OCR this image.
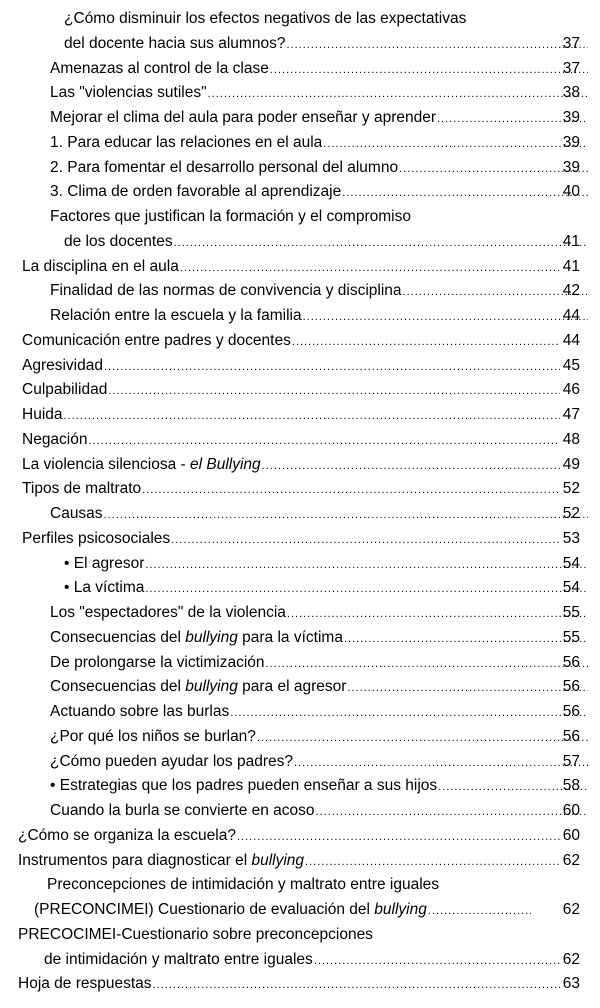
¿Cómo disminuir los efectos negativos de las expectativas
del docente hacia sus alumnos? .....	37
Amenazas al control de la clase .....	37
Las "violencias sutiles" .....	38
Mejorar el clima del aula para poder enseñar y aprender .....	39
1. Para educar las relaciones en el aula .....	39
2. Para fomentar el desarrollo personal del alumno .....	39
3. Clima de orden favorable al aprendizaje .....	40
Factores que justifican la formación y el compromiso
de los docentes .....	41
La disciplina en el aula .....	41
Finalidad de las normas de convivencia y disciplina .....	42
Relación entre la escuela y la familia .....	44
Comunicación entre padres y docentes .....	44
Agresividad .....	45
Culpabilidad .....	46
Huida .....	47
Negación .....	48
La violencia silenciosa - el Bullying .....	49
Tipos de maltrato .....	52
Causas .....	52
Perfiles psicosociales .....	53
• El agresor .....	54
• La víctima .....	54
Los "espectadores" de la violencia .....	55
Consecuencias del bullying para la víctima .....	55
De prolongarse la victimización .....	56
Consecuencias del bullying para el agresor .....	56
Actuando sobre las burlas .....	56
¿Por qué los niños se burlan? .....	56
¿Cómo pueden ayudar los padres? .....	57
• Estrategias que los padres pueden enseñar a sus hijos .....	58
Cuando la burla se convierte en acoso .....	60
¿Cómo se organiza la escuela? .....	60
Instrumentos para diagnosticar el bullying .....	62
Preconcepciones de intimidación y maltrato entre iguales
(PRECONCIMEI) Cuestionario de evaluación del bullying .....	62
PRECOCIMEI-Cuestionario sobre preconcepciones
de intimidación y maltrato entre iguales .....	62
Hoja de respuestas .....	63
